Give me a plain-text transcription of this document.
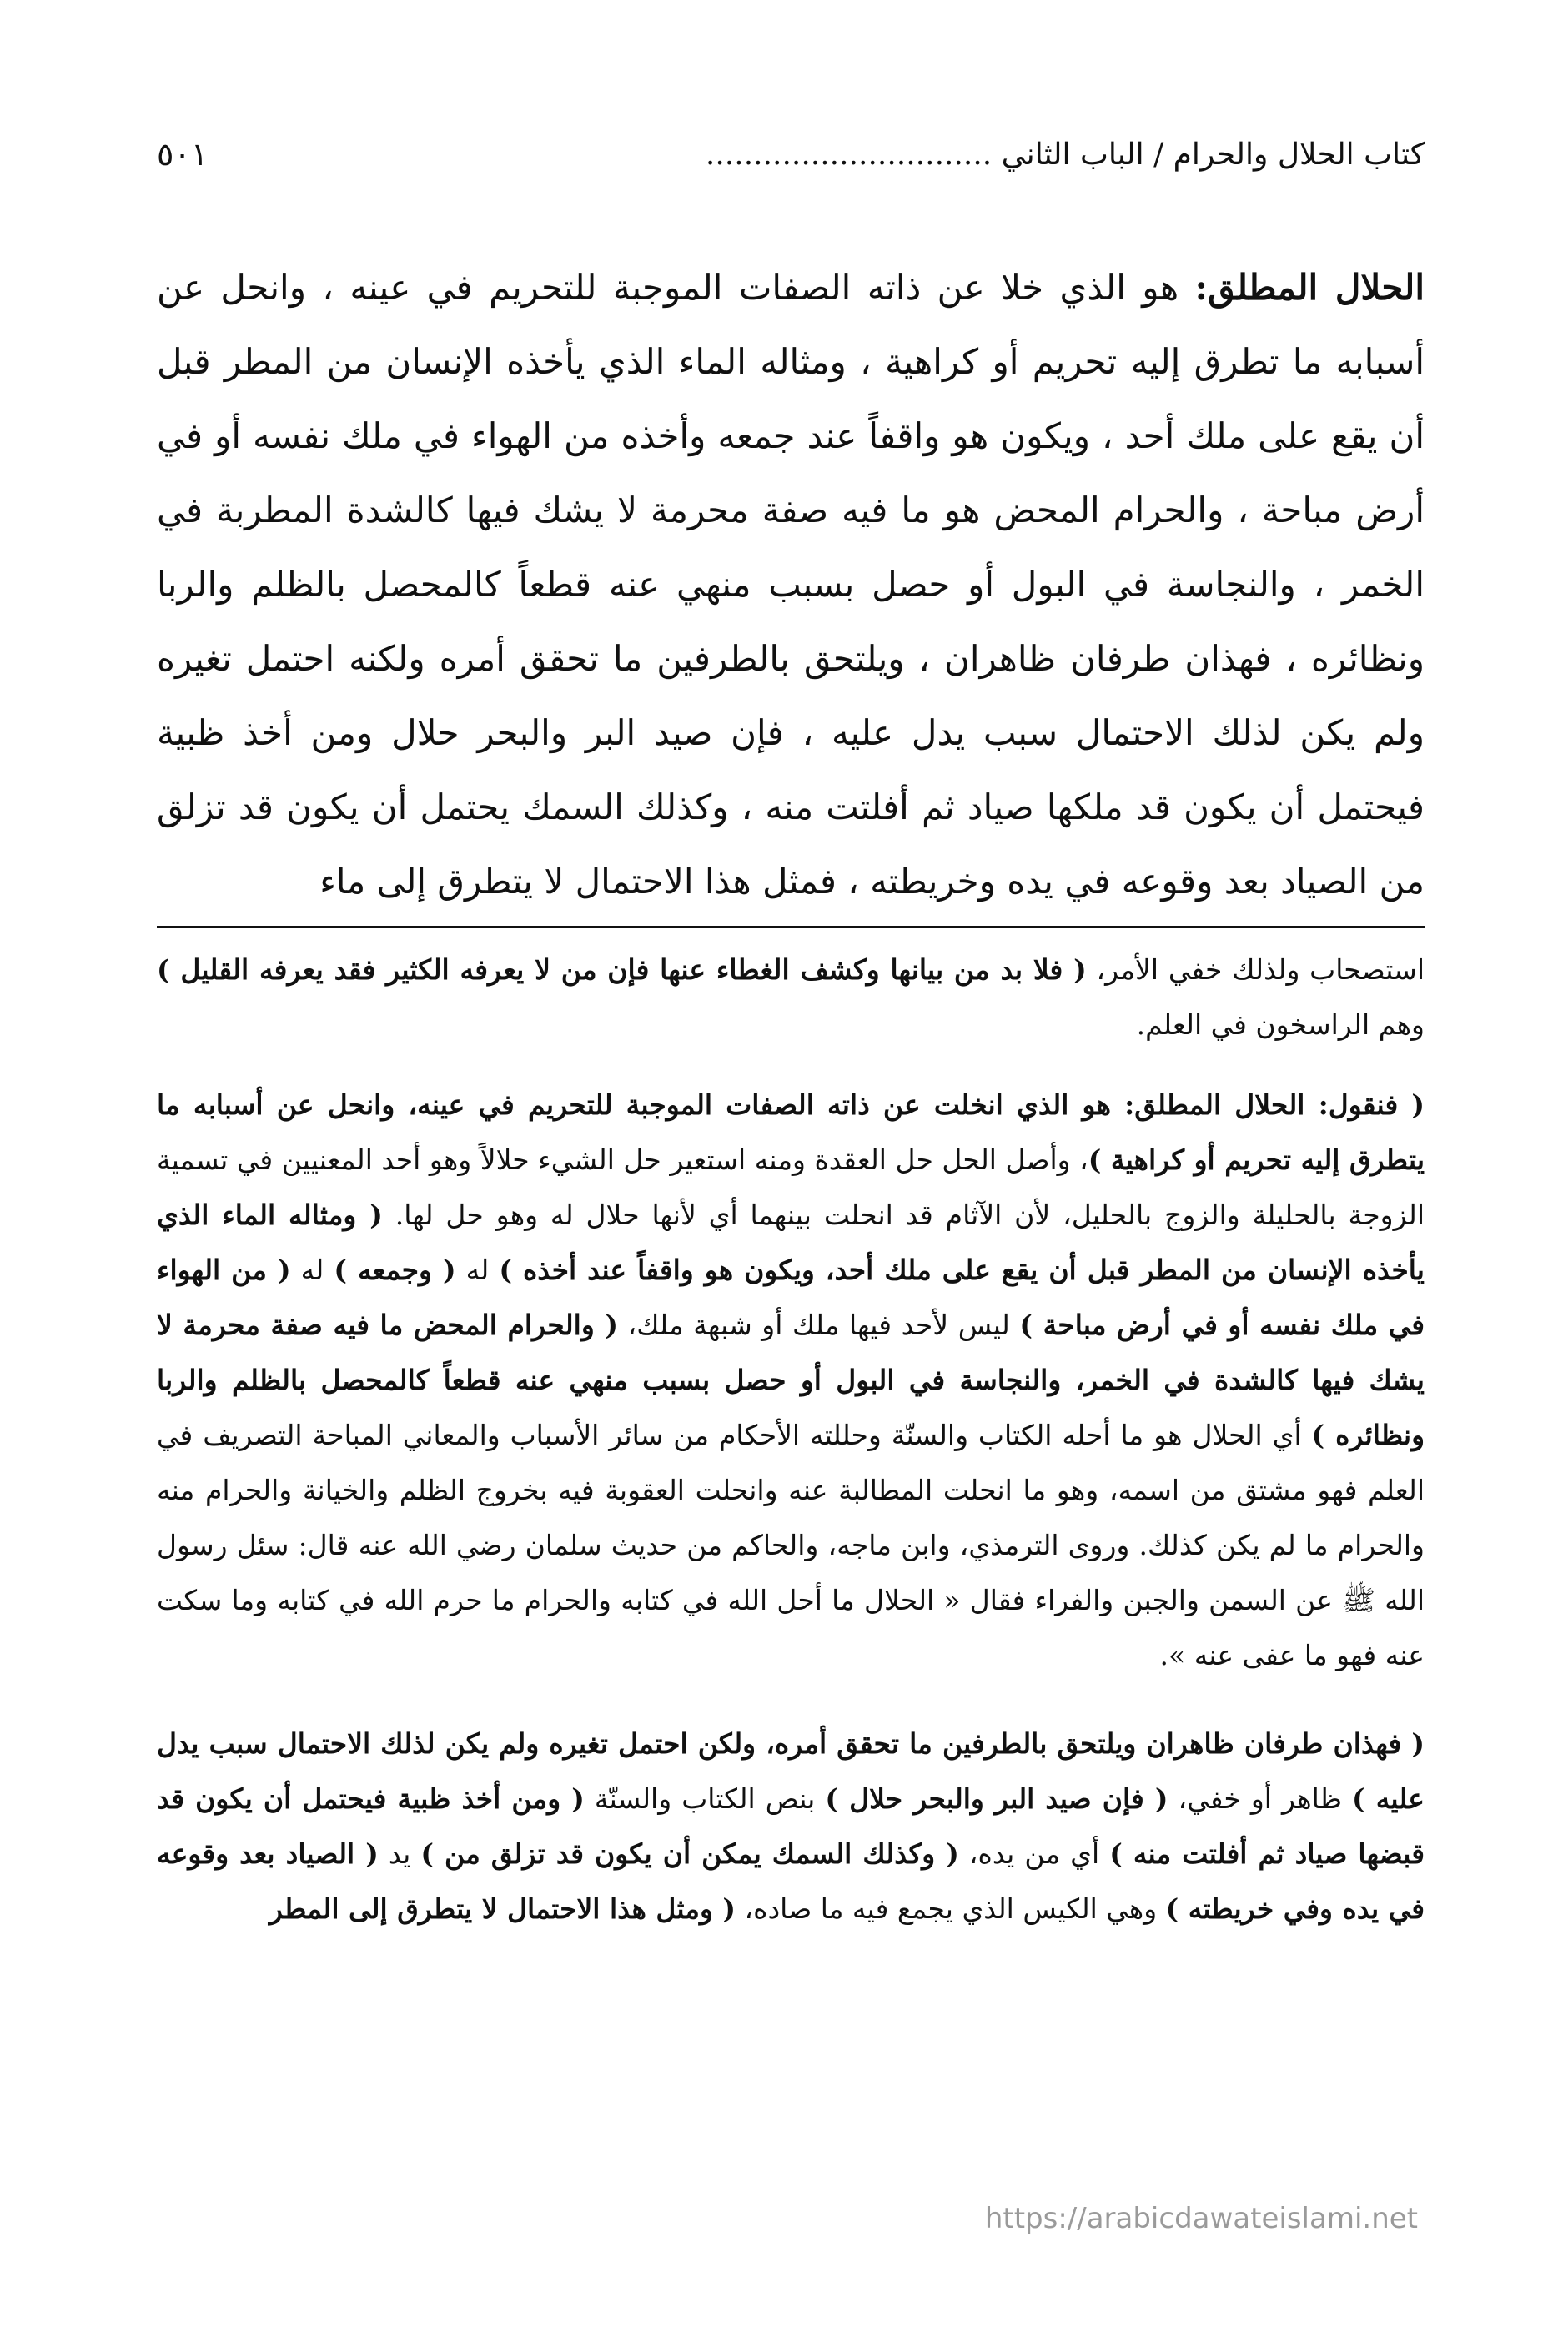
كتاب الحلال والحرام / الباب الثاني ..............................
٥٠١

الحلال المطلق: هو الذي خلا عن ذاته الصفات الموجبة للتحريم في عينه ، وانحل عن أسبابه ما تطرق إليه تحريم أو كراهية ، ومثاله الماء الذي يأخذه الإنسان من المطر قبل أن يقع على ملك أحد ، ويكون هو واقفاً عند جمعه وأخذه من الهواء في ملك نفسه أو في أرض مباحة ، والحرام المحض هو ما فيه صفة محرمة لا يشك فيها كالشدة المطربة في الخمر ، والنجاسة في البول أو حصل بسبب منهي عنه قطعاً كالمحصل بالظلم والربا ونظائره ، فهذان طرفان ظاهران ، ويلتحق بالطرفين ما تحقق أمره ولكنه احتمل تغيره ولم يكن لذلك الاحتمال سبب يدل عليه ، فإن صيد البر والبحر حلال ومن أخذ ظبية فيحتمل أن يكون قد ملكها صياد ثم أفلتت منه ، وكذلك السمك يحتمل أن يكون قد تزلق من الصياد بعد وقوعه في يده وخريطته ، فمثل هذا الاحتمال لا يتطرق إلى ماء

استصحاب ولذلك خفي الأمر، ( فلا بد من بيانها وكشف الغطاء عنها فإن من لا يعرفه الكثير فقد يعرفه القليل ) وهم الراسخون في العلم.

( فنقول: الحلال المطلق: هو الذي انخلت عن ذاته الصفات الموجبة للتحريم في عينه، وانحل عن أسبابه ما يتطرق إليه تحريم أو كراهية )، وأصل الحل حل العقدة ومنه استعير حل الشيء حلالاً وهو أحد المعنيين في تسمية الزوجة بالحليلة والزوج بالحليل، لأن الآثام قد انحلت بينهما أي لأنها حلال له وهو حل لها. ( ومثاله الماء الذي يأخذه الإنسان من المطر قبل أن يقع على ملك أحد، ويكون هو واقفاً عند أخذه ) له ( وجمعه ) له ( من الهواء في ملك نفسه أو في أرض مباحة ) ليس لأحد فيها ملك أو شبهة ملك، ( والحرام المحض ما فيه صفة محرمة لا يشك فيها كالشدة في الخمر، والنجاسة في البول أو حصل بسبب منهي عنه قطعاً كالمحصل بالظلم والربا ونظائره ) أي الحلال هو ما أحله الكتاب والسنّة وحللته الأحكام من سائر الأسباب والمعاني المباحة التصريف في العلم فهو مشتق من اسمه، وهو ما انحلت المطالبة عنه وانحلت العقوبة فيه بخروج الظلم والخيانة والحرام منه والحرام ما لم يكن كذلك. وروى الترمذي، وابن ماجه، والحاكم من حديث سلمان رضي الله عنه قال: سئل رسول الله ﷺ عن السمن والجبن والفراء فقال « الحلال ما أحل الله في كتابه والحرام ما حرم الله في كتابه وما سكت عنه فهو ما عفى عنه ».

( فهذان طرفان ظاهران ويلتحق بالطرفين ما تحقق أمره، ولكن احتمل تغيره ولم يكن لذلك الاحتمال سبب يدل عليه ) ظاهر أو خفي، ( فإن صيد البر والبحر حلال ) بنص الكتاب والسنّة ( ومن أخذ ظبية فيحتمل أن يكون قد قبضها صياد ثم أفلتت منه ) أي من يده، ( وكذلك السمك يمكن أن يكون قد تزلق من ) يد ( الصياد بعد وقوعه في يده وفي خريطته ) وهي الكيس الذي يجمع فيه ما صاده، ( ومثل هذا الاحتمال لا يتطرق إلى المطر

https://arabicdawateislami.net
